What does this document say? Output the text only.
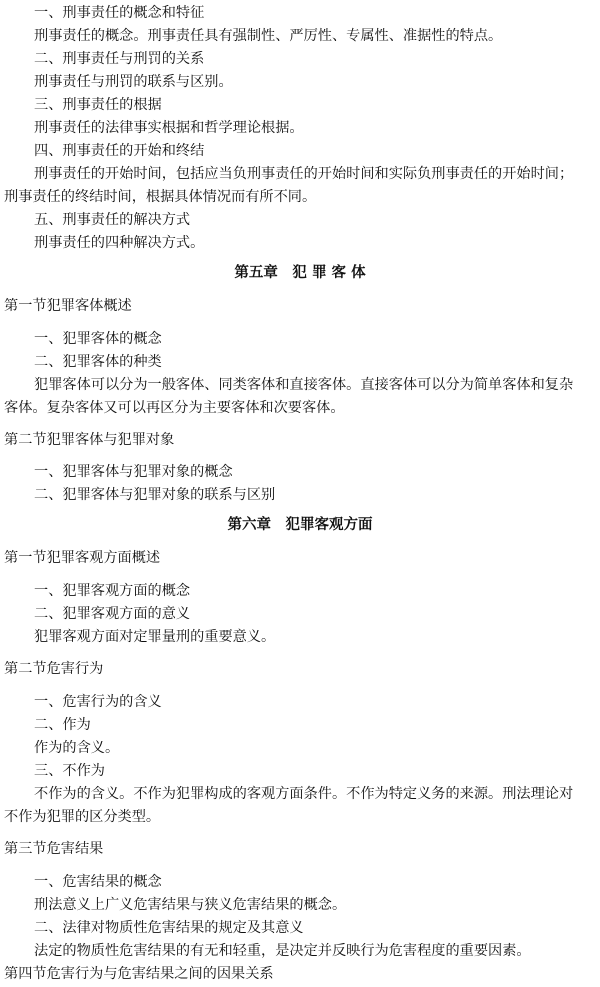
一、刑事责任的概念和特征
刑事责任的概念。刑事责任具有强制性、严厉性、专属性、准据性的特点。
二、刑事责任与刑罚的关系
刑事责任与刑罚的联系与区别。
三、刑事责任的根据
刑事责任的法律事实根据和哲学理论根据。
四、刑事责任的开始和终结
刑事责任的开始时间，包括应当负刑事责任的开始时间和实际负刑事责任的开始时间；
刑事责任的终结时间，根据具体情况而有所不同。
五、刑事责任的解决方式
刑事责任的四种解决方式。
第五章　犯 罪 客 体
第一节犯罪客体概述
一、犯罪客体的概念
二、犯罪客体的种类
犯罪客体可以分为一般客体、同类客体和直接客体。直接客体可以分为简单客体和复杂
客体。复杂客体又可以再区分为主要客体和次要客体。
第二节犯罪客体与犯罪对象
一、犯罪客体与犯罪对象的概念
二、犯罪客体与犯罪对象的联系与区别
第六章　犯罪客观方面
第一节犯罪客观方面概述
一、犯罪客观方面的概念
二、犯罪客观方面的意义
犯罪客观方面对定罪量刑的重要意义。
第二节危害行为
一、危害行为的含义
二、作为
作为的含义。
三、不作为
不作为的含义。不作为犯罪构成的客观方面条件。不作为特定义务的来源。刑法理论对
不作为犯罪的区分类型。
第三节危害结果
一、危害结果的概念
刑法意义上广义危害结果与狭义危害结果的概念。
二、法律对物质性危害结果的规定及其意义
法定的物质性危害结果的有无和轻重，是决定并反映行为危害程度的重要因素。
第四节危害行为与危害结果之间的因果关系
